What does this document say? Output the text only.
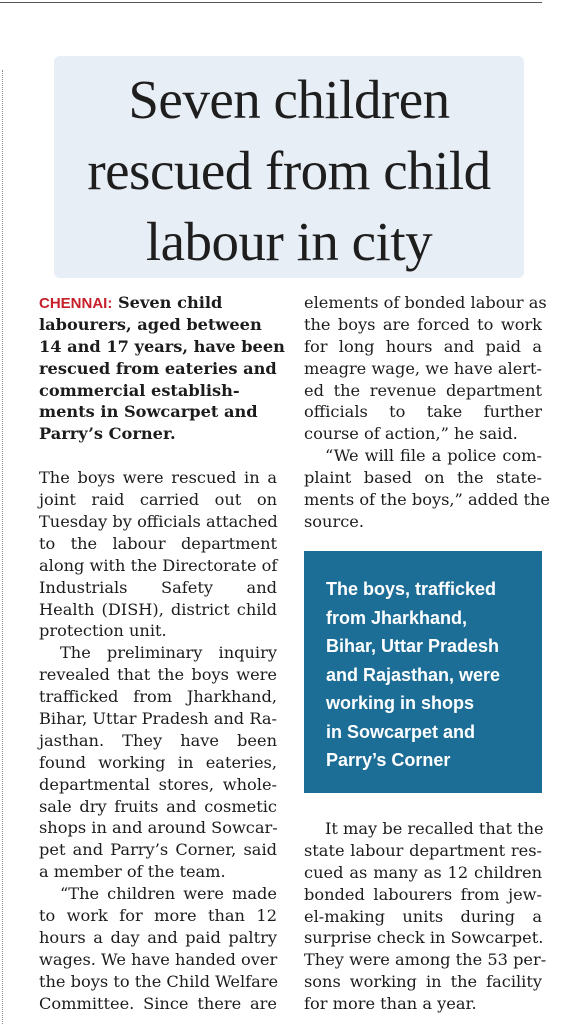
Seven children
rescued from child
labour in city
CHENNAI: Seven child
labourers, aged between
14 and 17 years, have been
rescued from eateries and
commercial establish-
ments in Sowcarpet and
Parry’s Corner.
The boys were rescued in a
joint raid carried out on
Tuesday by officials attached
to the labour department
along with the Directorate of
Industrials Safety and
Health (DISH), district child
protection unit.
The preliminary inquiry
revealed that the boys were
trafficked from Jharkhand,
Bihar, Uttar Pradesh and Ra-
jasthan. They have been
found working in eateries,
departmental stores, whole-
sale dry fruits and cosmetic
shops in and around Sowcar-
pet and Parry’s Corner, said
a member of the team.
“The children were made
to work for more than 12
hours a day and paid paltry
wages. We have handed over
the boys to the Child Welfare
Committee. Since there are
elements of bonded labour as
the boys are forced to work
for long hours and paid a
meagre wage, we have alert-
ed the revenue department
officials to take further
course of action,” he said.
“We will file a police com-
plaint based on the state-
ments of the boys,” added the
source.
The boys, trafficked
from Jharkhand,
Bihar, Uttar Pradesh
and Rajasthan, were
working in shops
in Sowcarpet and
Parry’s Corner
It may be recalled that the
state labour department res-
cued as many as 12 children
bonded labourers from jew-
el-making units during a
surprise check in Sowcarpet.
They were among the 53 per-
sons working in the facility
for more than a year.
